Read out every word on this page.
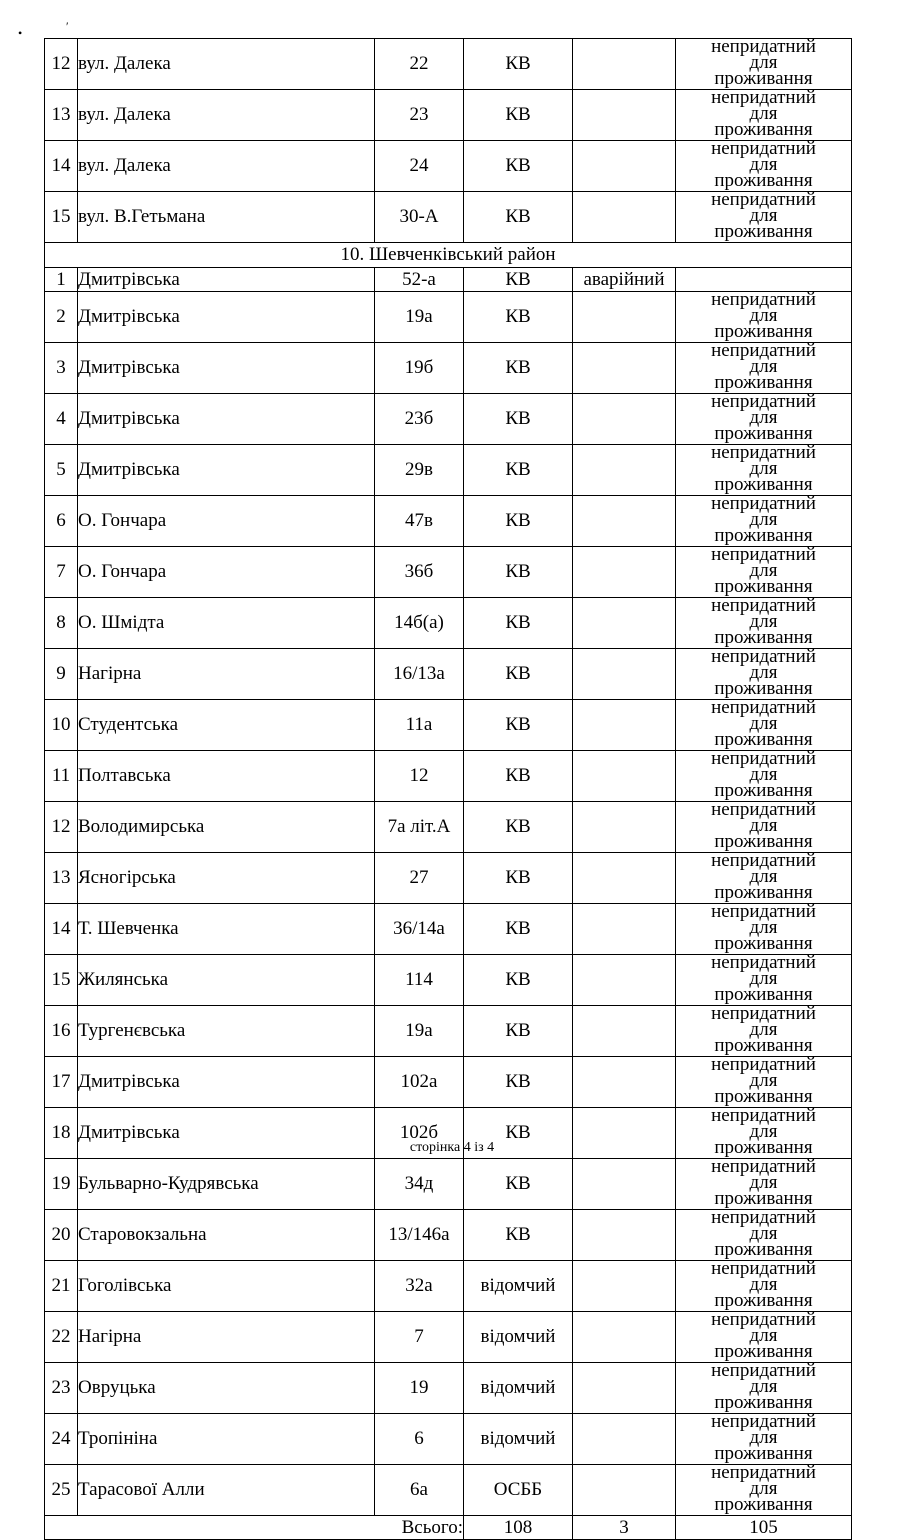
•	′
12	вул. Далека	22	КВ		непридатний для проживання
13	вул. Далека	23	КВ		непридатний для проживання
14	вул. Далека	24	КВ		непридатний для проживання
15	вул. В.Гетьмана	30-А	КВ		непридатний для проживання
10. Шевченківський район					
1	Дмитрівська	52-а	КВ	аварійний	
2	Дмитрівська	19а	КВ		непридатний для проживання
3	Дмитрівська	19б	КВ		непридатний для проживання
4	Дмитрівська	23б	КВ		непридатний для проживання
5	Дмитрівська	29в	КВ		непридатний для проживання
6	О. Гончара	47в	КВ		непридатний для проживання
7	О. Гончара	36б	КВ		непридатний для проживання
8	О. Шмідта	14б(а)	КВ		непридатний для проживання
9	Нагірна	16/13а	КВ		непридатний для проживання
10	Студентська	11а	КВ		непридатний для проживання
11	Полтавська	12	КВ		непридатний для проживання
12	Володимирська	7а літ.А	КВ		непридатний для проживання
13	Ясногірська	27	КВ		непридатний для проживання
14	Т. Шевченка	36/14а	КВ		непридатний для проживання
15	Жилянська	114	КВ		непридатний для проживання
16	Тургенєвська	19а	КВ		непридатний для проживання
17	Дмитрівська	102а	КВ		непридатний для проживання
18	Дмитрівська	102б	КВ		непридатний для проживання
19	Бульварно-Кудрявська	34д	КВ		непридатний для проживання
20	Старовокзальна	13/146а	КВ		непридатний для проживання
21	Гоголівська	32а	відомчий		непридатний для проживання
22	Нагірна	7	відомчий		непридатний для проживання
23	Овруцька	19	відомчий		непридатний для проживання
24	Тропініна	6	відомчий		непридатний для проживання
25	Тарасової Алли	6а	ОСББ		непридатний для проживання
Всього:			108	3	105
сторінка 4 із 4
